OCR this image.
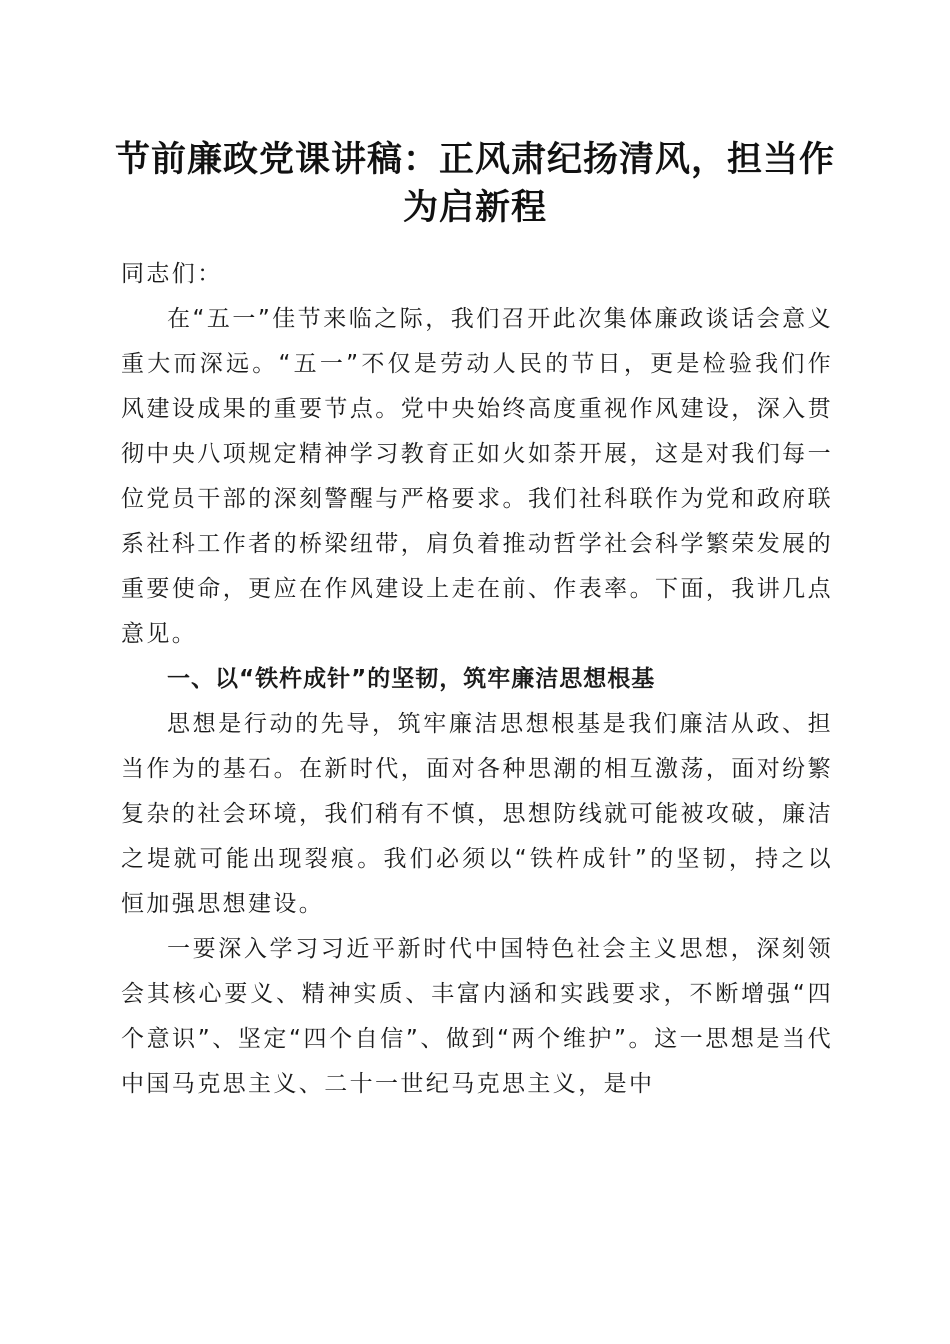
节前廉政党课讲稿：正风肃纪扬清风，担当作
为启新程

同志们：

在“五一”佳节来临之际，我们召开此次集体廉政谈话会意义重大而深远。“五一”不仅是劳动人民的节日，更是检验我们作风建设成果的重要节点。党中央始终高度重视作风建设，深入贯彻中央八项规定精神学习教育正如火如荼开展，这是对我们每一位党员干部的深刻警醒与严格要求。我们社科联作为党和政府联系社科工作者的桥梁纽带，肩负着推动哲学社会科学繁荣发展的重要使命，更应在作风建设上走在前、作表率。下面，我讲几点意见。

一、以“铁杵成针”的坚韧，筑牢廉洁思想根基

思想是行动的先导，筑牢廉洁思想根基是我们廉洁从政、担当作为的基石。在新时代，面对各种思潮的相互激荡，面对纷繁复杂的社会环境，我们稍有不慎，思想防线就可能被攻破，廉洁之堤就可能出现裂痕。我们必须以“铁杵成针”的坚韧，持之以恒加强思想建设。

一要深入学习习近平新时代中国特色社会主义思想，深刻领会其核心要义、精神实质、丰富内涵和实践要求，不断增强“四个意识”、坚定“四个自信”、做到“两个维护”。这一思想是当代中国马克思主义、二十一世纪马克思主义，是中
